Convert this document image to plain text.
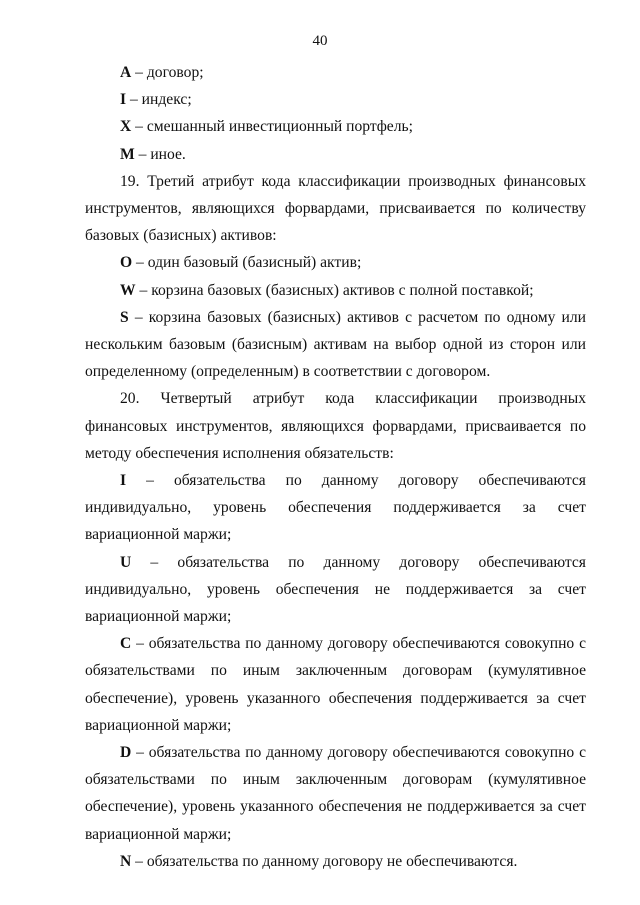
40

A – договор;

I – индекс;

X – смешанный инвестиционный портфель;

M – иное.

19. Третий атрибут кода классификации производных финансовых инструментов, являющихся форвардами, присваивается по количеству базовых (базисных) активов:

O – один базовый (базисный) актив;

W – корзина базовых (базисных) активов с полной поставкой;

S – корзина базовых (базисных) активов с расчетом по одному или нескольким базовым (базисным) активам на выбор одной из сторон или определенному (определенным) в соответствии с договором.

20. Четвертый атрибут кода классификации производных финансовых инструментов, являющихся форвардами, присваивается по методу обеспечения исполнения обязательств:

I – обязательства по данному договору обеспечиваются индивидуально, уровень обеспечения поддерживается за счет вариационной маржи;

U – обязательства по данному договору обеспечиваются индивидуально, уровень обеспечения не поддерживается за счет вариационной маржи;

C – обязательства по данному договору обеспечиваются совокупно с обязательствами по иным заключенным договорам (кумулятивное обеспечение), уровень указанного обеспечения поддерживается за счет вариационной маржи;

D – обязательства по данному договору обеспечиваются совокупно с обязательствами по иным заключенным договорам (кумулятивное обеспечение), уровень указанного обеспечения не поддерживается за счет вариационной маржи;

N – обязательства по данному договору не обеспечиваются.
